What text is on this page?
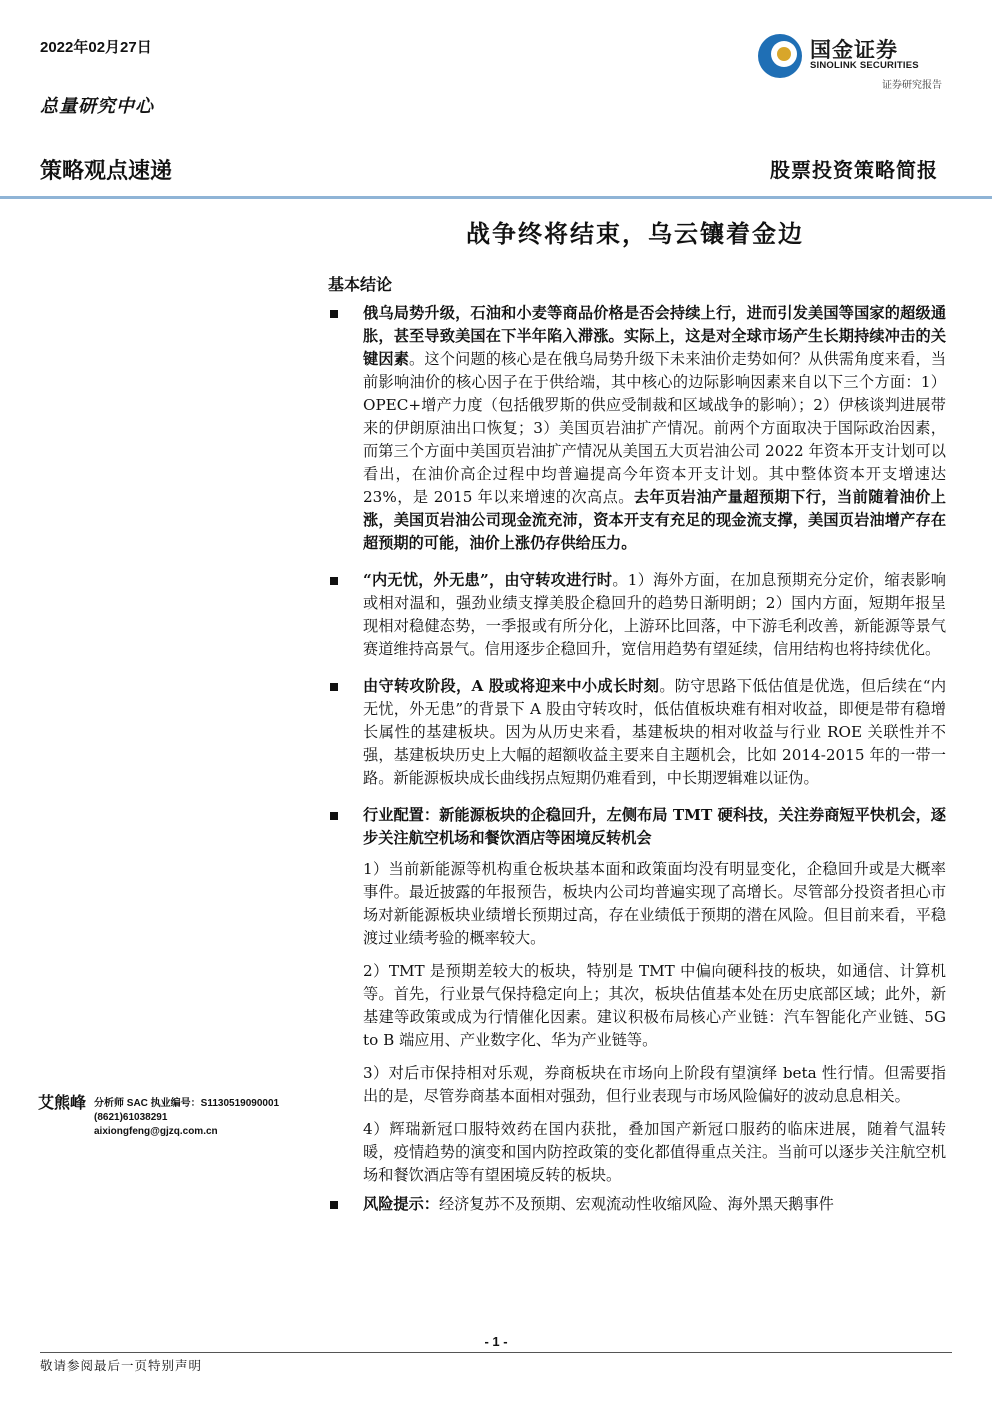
2022年02月27日
总量研究中心
国金证券
SINOLINK SECURITIES
证券研究报告
策略观点速递	股票投资策略简报
战争终将结束，乌云镶着金边
基本结论
俄乌局势升级，石油和小麦等商品价格是否会持续上行，进而引发美国等国家的超级通胀，甚至导致美国在下半年陷入滞涨。实际上，这是对全球市场产生长期持续冲击的关键因素。这个问题的核心是在俄乌局势升级下未来油价走势如何？从供需角度来看，当前影响油价的核心因子在于供给端，其中核心的边际影响因素来自以下三个方面：1）OPEC+增产力度（包括俄罗斯的供应受制裁和区域战争的影响）；2）伊核谈判进展带来的伊朗原油出口恢复；3）美国页岩油扩产情况。前两个方面取决于国际政治因素，而第三个方面中美国页岩油扩产情况从美国五大页岩油公司 2022 年资本开支计划可以看出，在油价高企过程中均普遍提高今年资本开支计划。其中整体资本开支增速达 23%，是 2015 年以来增速的次高点。去年页岩油产量超预期下行，当前随着油价上涨，美国页岩油公司现金流充沛，资本开支有充足的现金流支撑，美国页岩油增产存在超预期的可能，油价上涨仍存供给压力。
“内无忧，外无患”，由守转攻进行时。1）海外方面，在加息预期充分定价，缩表影响或相对温和，强劲业绩支撑美股企稳回升的趋势日渐明朗；2）国内方面，短期年报呈现相对稳健态势，一季报或有所分化，上游环比回落，中下游毛利改善，新能源等景气赛道维持高景气。信用逐步企稳回升，宽信用趋势有望延续，信用结构也将持续优化。
由守转攻阶段，A 股或将迎来中小成长时刻。防守思路下低估值是优选，但后续在“内无忧，外无患”的背景下 A 股由守转攻时，低估值板块难有相对收益，即便是带有稳增长属性的基建板块。因为从历史来看，基建板块的相对收益与行业 ROE 关联性并不强，基建板块历史上大幅的超额收益主要来自主题机会，比如 2014-2015 年的一带一路。新能源板块成长曲线拐点短期仍难看到，中长期逻辑难以证伪。
行业配置：新能源板块的企稳回升，左侧布局 TMT 硬科技，关注券商短平快机会，逐步关注航空机场和餐饮酒店等困境反转机会
1）当前新能源等机构重仓板块基本面和政策面均没有明显变化，企稳回升或是大概率事件。最近披露的年报预告，板块内公司均普遍实现了高增长。尽管部分投资者担心市场对新能源板块业绩增长预期过高，存在业绩低于预期的潜在风险。但目前来看，平稳渡过业绩考验的概率较大。
2）TMT 是预期差较大的板块，特别是 TMT 中偏向硬科技的板块，如通信、计算机等。首先，行业景气保持稳定向上；其次，板块估值基本处在历史底部区域；此外，新基建等政策或成为行情催化因素。建议积极布局核心产业链：汽车智能化产业链、5G to B 端应用、产业数字化、华为产业链等。
3）对后市保持相对乐观，券商板块在市场向上阶段有望演绎 beta 性行情。但需要指出的是，尽管券商基本面相对强劲，但行业表现与市场风险偏好的波动息息相关。
4）辉瑞新冠口服特效药在国内获批，叠加国产新冠口服药的临床进展，随着气温转暖，疫情趋势的演变和国内防控政策的变化都值得重点关注。当前可以逐步关注航空机场和餐饮酒店等有望困境反转的板块。
风险提示：经济复苏不及预期、宏观流动性收缩风险、海外黑天鹅事件
艾熊峰 分析师 SAC 执业编号：S1130519090001
(8621)61038291
aixiongfeng@gjzq.com.cn
- 1 -
敬请参阅最后一页特别声明
